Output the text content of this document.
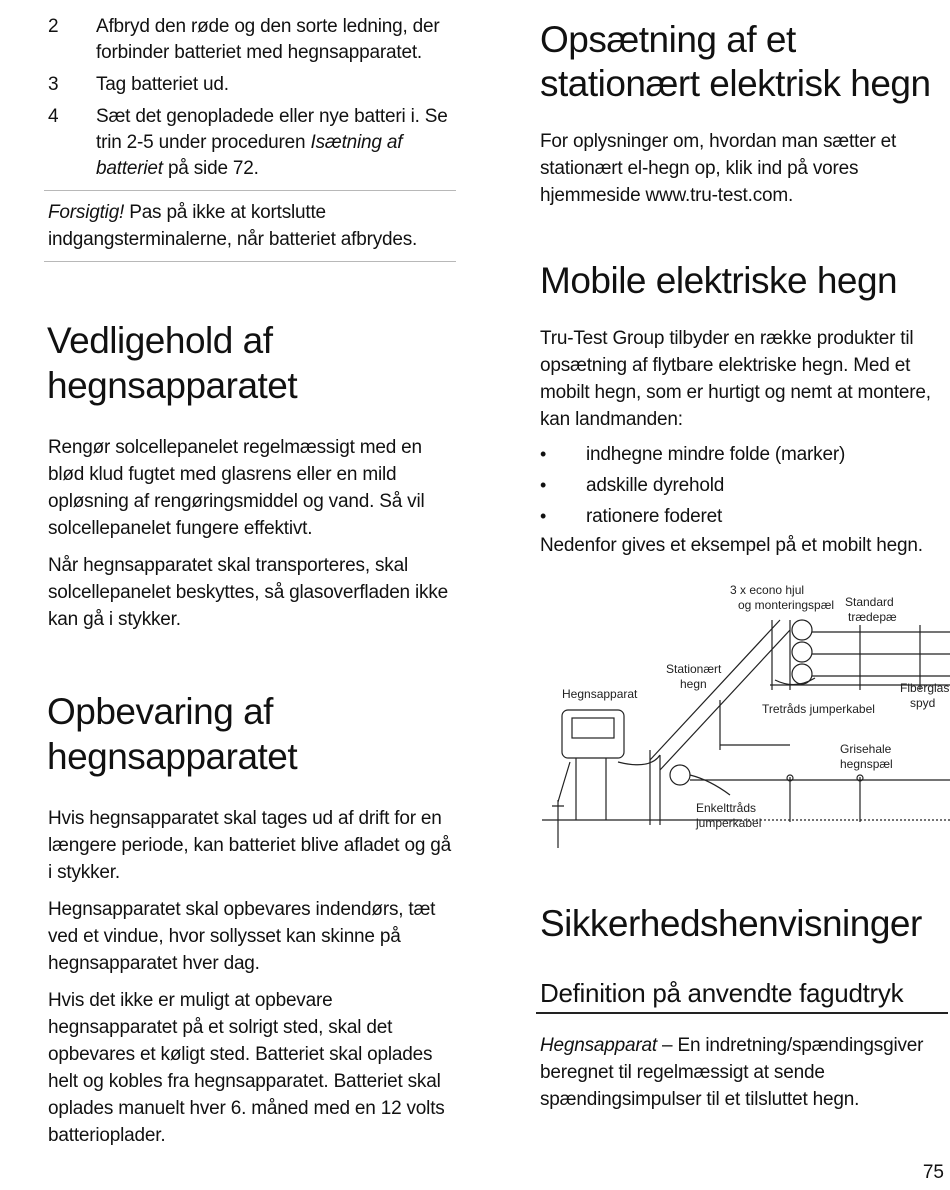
2	Afbryd den røde og den sorte ledning, der forbinder batteriet med hegnsapparatet.
3	Tag batteriet ud.
4	Sæt det genopladede eller nye batteri i. Se trin 2-5 under proceduren Isætning af batteriet på side 72.
Forsigtig! Pas på ikke at kortslutte indgangsterminalerne, når batteriet afbrydes.
Vedligehold af hegnsapparatet

Rengør solcellepanelet regelmæssigt med en blød klud fugtet med glasrens eller en mild opløsning af rengøringsmiddel og vand. Så vil solcellepanelet fungere effektivt.

Når hegnsapparatet skal transporteres, skal solcellepanelet beskyttes, så glasoverfladen ikke kan gå i stykker.

Opbevaring af hegnsapparatet

Hvis hegnsapparatet skal tages ud af drift for en længere periode, kan batteriet blive afladet og gå i stykker.

Hegnsapparatet skal opbevares indendørs, tæt ved et vindue, hvor sollysset kan skinne på hegnsapparatet hver dag.

Hvis det ikke er muligt at opbevare hegnsapparatet på et solrigt sted, skal det opbevares et køligt sted. Batteriet skal oplades helt og kobles fra hegnsapparatet. Batteriet skal oplades manuelt hver 6. måned med en 12 volts batterioplader.

Opsætning af et stationært elektrisk hegn

For oplysninger om, hvordan man sætter et stationært el-hegn op, klik ind på vores hjemmeside www.tru-test.com.

Mobile elektriske hegn

Tru-Test Group tilbyder en række produkter til opsætning af flytbare elektriske hegn. Med et mobilt hegn, som er hurtigt og nemt at montere, kan landmanden:

•	indhegne mindre folde (marker)
•	adskille dyrehold
•	rationere foderet

Nedenfor gives et eksempel på et mobilt hegn.

3 x econo hjul
og monteringspæl Standard
trædepæ
Stationært
hegn
Hegnsapparat	Fiberglas
spyd
Tretråds jumperkabel
Grisehale
hegnspæl
Enkelttråds
jumperkabel
Sikkerhedshenvisninger
Definition på anvendte fagudtryk

Hegnsapparat – En indretning/spændingsgiver beregnet til regelmæssigt at sende spændingsimpulser til et tilsluttet hegn.

75
